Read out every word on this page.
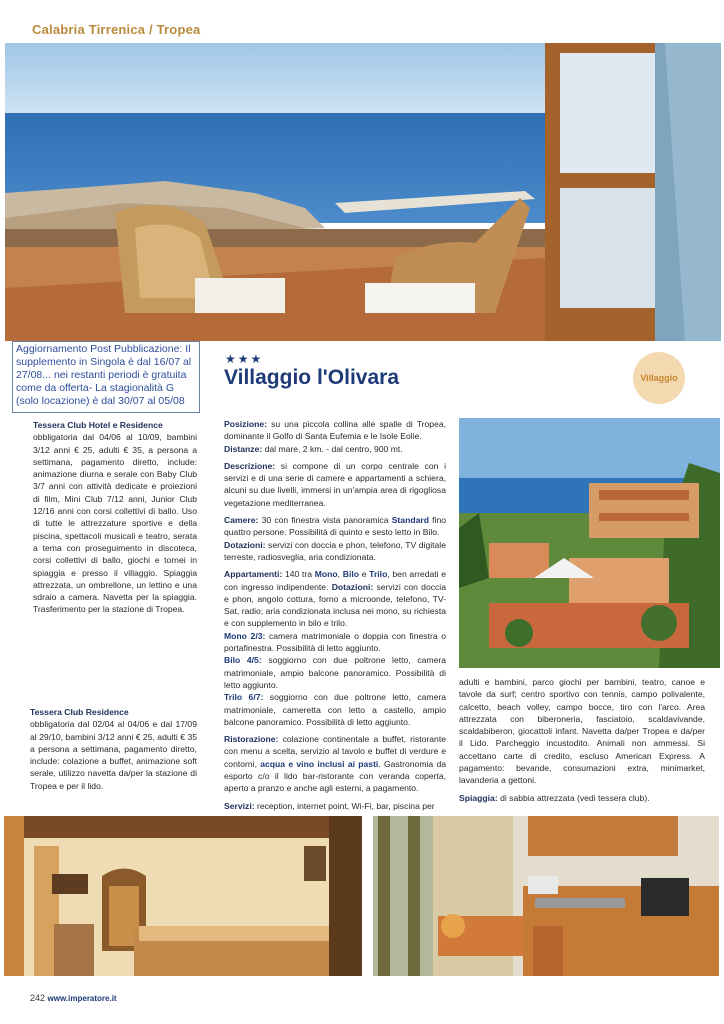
Calabria Tirrenica / Tropea
Aggiornamento Post Pubblicazione: Il supplemento in Singola è dal 16/07 al 27/08... nei restanti periodi è gratuita come da offerta- La stagionalità G (solo locazione) è dal 30/07 al 05/08
★★★
Villaggio l'Olivara	Villaggio
Tessera Club Hotel e Residence
obbligatoria dal 04/06 al 10/09, bambini 3/12 anni € 25, adulti € 35, a persona a settimana, pagamento diretto, include: animazione diurna e serale con Baby Club 3/7 anni con attività dedicate e proiezioni di film, Mini Club 7/12 anni, Junior Club 12/16 anni con corsi collettivi di ballo. Uso di tutte le attrezzature sportive e della piscina, spettacoli musicali e teatro, serata a tema con proseguimento in discoteca, corsi collettivi di ballo, giochi e tornei in spiaggia e presso il villaggio. Spiaggia attrezzata, un ombrellone, un lettino e una sdraio a camera. Navetta per la spiaggia. Trasferimento per la stazione di Tropea.
Tessera Club Residence
obbligatoria dal 02/04 al 04/06 e dal 17/09 al 29/10, bambini 3/12 anni € 25, adulti € 35 a persona a settimana, pagamento diretto, include: colazione a buffet, animazione soft serale, utilizzo navetta da/per la stazione di Tropea e per il lido.

Posizione: su una piccola collina alle spalle di Tropea, dominante il Golfo di Santa Eufemia e le Isole Eolie.
Distanze: dal mare, 2 km. - dal centro, 900 mt.

Descrizione: si compone di un corpo centrale con i servizi e di una serie di camere e appartamenti a schiera, alcuni su due livelli, immersi in un'ampia area di rigogliosa vegetazione mediterranea.

Camere: 30 con finestra vista panoramica Standard fino quattro persone. Possibilità di quinto e sesto letto in Bilo.
Dotazioni: servizi con doccia e phon, telefono, TV digitale terreste, radiosveglia, aria condizionata.

Appartamenti: 140 tra Mono, Bilo e Trilo, ben arredati e con ingresso indipendente. Dotazioni: servizi con doccia e phon, angolo cottura, forno a microonde, telefono, TV-Sat, radio; aria condizionata inclusa nei mono, su richiesta e con supplemento in bilo e trilo.
Mono 2/3: camera matrimoniale o doppia con finestra o portafinestra. Possibilità di letto aggiunto.
Bilo 4/5: soggiorno con due poltrone letto, camera matrimoniale, ampio balcone panoramico. Possibilità di letto aggiunto.
Trilo 6/7: soggiorno con due poltrone letto, camera matrimoniale, cameretta con letto a castello, ampio balcone panoramico. Possibilità di letto aggiunto.

Ristorazione: colazione continentale a buffet, ristorante con menu a scelta, servizio al tavolo e buffet di verdure e contorni, acqua e vino inclusi ai pasti. Gastronomia da esporto c/o il lido bar-ristorante con veranda coperta, aperto a pranzo e anche agli esterni, a pagamento.

Servizi: reception, internet point, Wi-Fi, bar, piscina per

adulti e bambini, parco giochi per bambini, teatro, canoe e tavole da surf; centro sportivo con tennis, campo polivalente, calcetto, beach volley, campo bocce, tiro con l'arco. Area attrezzata con biberoneria, fasciatoio, scaldavivande, scaldabiberon, giocattoli infant. Navetta da/per Tropea e da/per il Lido. Parcheggio incustodito. Animali non ammessi. Si accettano carte di credito, escluso American Express. A pagamento: bevande, consumazioni extra, minimarket, lavanderia a gettoni.

Spiaggia: di sabbia attrezzata (vedi tessera club).

242 www.imperatore.it
